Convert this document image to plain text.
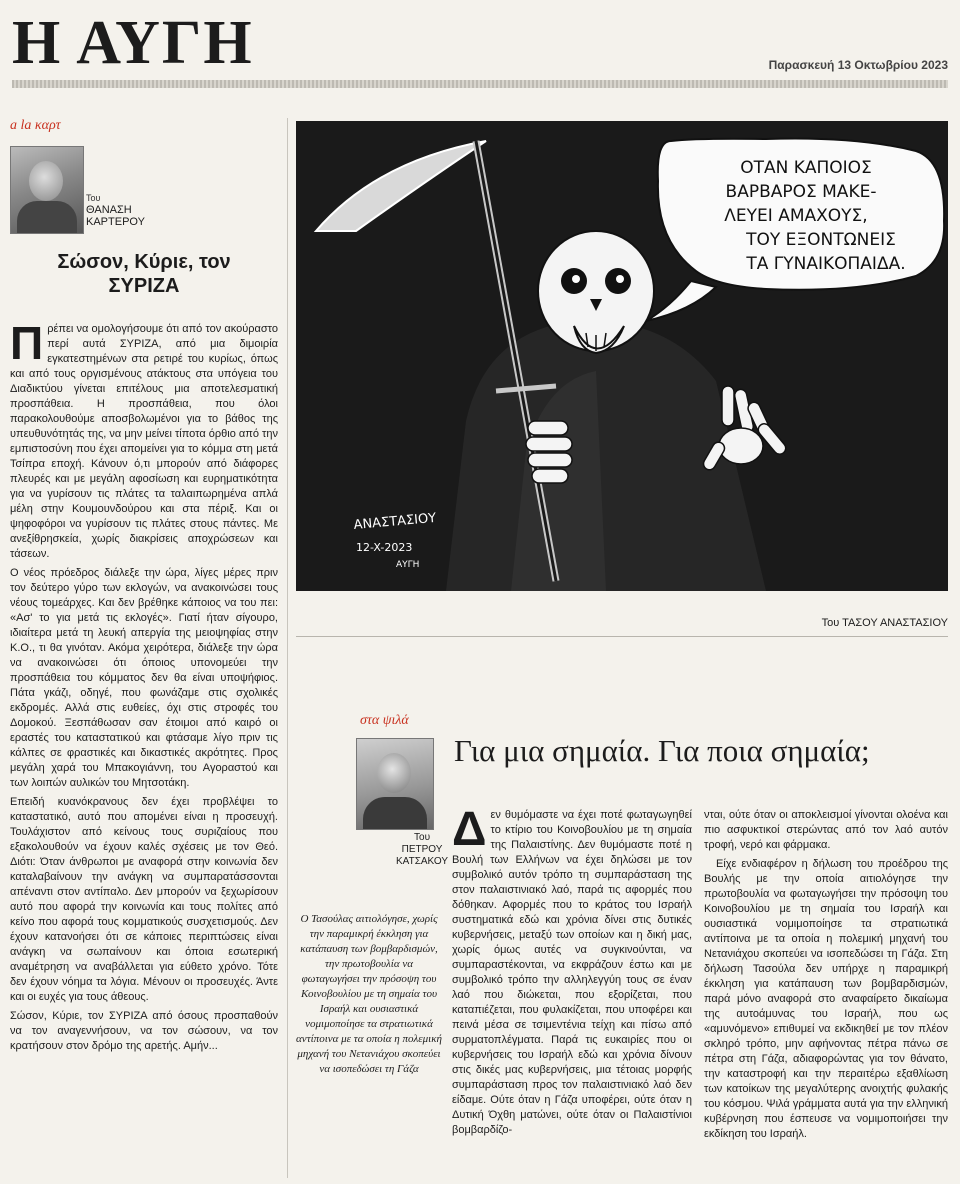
Η ΑΥΓΗ	Παρασκευή 13 Οκτωβρίου 2023
a la καρτ
Του
ΘΑΝΑΣΗ ΚΑΡΤΕΡΟΥ
Σώσον, Κύριε, τον ΣΥΡΙΖΑ

Πρέπει να ομολογήσουμε ότι από τον ακούραστο περί αυτά ΣΥΡΙΖΑ, από μια διμοιρία εγκατεστημένων στα ρετιρέ του κυρίως, όπως και από τους οργισμένους ατάκτους στα υπόγεια του Διαδικτύου γίνεται επιτέλους μια αποτελεσματική προσπάθεια. Η προσπάθεια, που όλοι παρακολουθούμε αποσβολωμένοι για το βάθος της υπευθυνότητάς της, να μην μείνει τίποτα όρθιο από την εμπιστοσύνη που έχει απομείνει για το κόμμα στη μετά Τσίπρα εποχή. Κάνουν ό,τι μπορούν από διάφορες πλευρές και με μεγάλη αφοσίωση και ευρηματικότητα για να γυρίσουν τις πλάτες τα ταλαιπωρημένα απλά μέλη στην Κουμουνδούρου και στα πέριξ. Και οι ψηφοφόροι να γυρίσουν τις πλάτες στους πάντες. Με ανεξίθρησκεία, χωρίς διακρίσεις αποχρώσεων και τάσεων.

Ο νέος πρόεδρος διάλεξε την ώρα, λίγες μέρες πριν τον δεύτερο γύρο των εκλογών, να ανακοινώσει τους νέους τομεάρχες. Και δεν βρέθηκε κάποιος να του πει: «Ασ' το για μετά τις εκλογές». Γιατί ήταν σίγουρο, ιδιαίτερα μετά τη λευκή απεργία της μειοψηφίας στην Κ.Ο., τι θα γινόταν. Ακόμα χειρότερα, διάλεξε την ώρα να ανακοινώσει ότι όποιος υπονομεύει την προσπάθεια του κόμματος δεν θα είναι υποψήφιος. Πάτα γκάζι, οδηγέ, που φωνάζαμε στις σχολικές εκδρομές. Αλλά στις ευθείες, όχι στις στροφές του Δομοκού. Ξεσπάθωσαν σαν έτοιμοι από καιρό οι εραστές του καταστατικού και φτάσαμε λίγο πριν τις κάλπες σε φραστικές και δικαστικές ακρότητες. Προς μεγάλη χαρά του Μπακογιάννη, του Αγοραστού και των λοιπών αυλικών του Μητσοτάκη.

Επειδή κυανόκρανους δεν έχει προβλέψει το καταστατικό, αυτό που απομένει είναι η προσευχή. Τουλάχιστον από κείνους τους συριζαίους που εξακολουθούν να έχουν καλές σχέσεις με τον Θεό. Διότι: Όταν άνθρωποι με αναφορά στην κοινωνία δεν καταλαβαίνουν την ανάγκη να συμπαρατάσσονται απέναντι στον αντίπαλο. Δεν μπορούν να ξεχωρίσουν αυτό που αφορά την κοινωνία και τους πολίτες από κείνο που αφορά τους κομματικούς συσχετισμούς. Δεν έχουν κατανοήσει ότι σε κάποιες περιπτώσεις είναι ανάγκη να σωπαίνουν και όποια εσωτερική αναμέτρηση να αναβάλλεται για εύθετο χρόνο. Τότε δεν έχουν νόημα τα λόγια. Μένουν οι προσευχές. Άντε και οι ευχές για τους άθεους.

Σώσον, Κύριε, τον ΣΥΡΙΖΑ από όσους προσπαθούν να τον αναγεννήσουν, να τον σώσουν, να τον κρατήσουν στον δρόμο της αρετής. Αμήν...

ΟΤΑΝ ΚΑΠΟΙΟΣ
ΒΑΡΒΑΡΟΣ ΜΑΚΕ-
ΛΕΥΕΙ ΑΜΑΧΟΥΣ,
ΤΟΥ ΕΞΟΝΤΩΝΕΙΣ
ΤΑ ΓΥΝΑΙΚΟΠΑΙΔΑ.
ΑΝΑΣΤΑΣΙΟΥ
12-X-2023
ΑΥΓΗ
Του ΤΑΣΟΥ ΑΝΑΣΤΑΣΙΟΥ
στα ψιλά
Για μια σημαία. Για ποια σημαία;
Του
ΠΕΤΡΟΥ
ΚΑΤΣΑΚΟΥ
Ο Τασούλας αιτιολόγησε, χωρίς την παραμικρή έκκληση για κατάπαυση των βομβαρδισμών, την πρωτοβουλία να φωταγωγήσει την πρόσοψη του Κοινοβουλίου με τη σημαία του Ισραήλ και ουσιαστικά νομιμοποίησε τα στρατιωτικά αντίποινα με τα οποία η πολεμική μηχανή του Νετανιάχου σκοπεύει να ισοπεδώσει τη Γάζα

Δεν θυμόμαστε να έχει ποτέ φωταγωγηθεί το κτίριο του Κοινοβουλίου με τη σημαία της Παλαιστίνης. Δεν θυμόμαστε ποτέ η Βουλή των Ελλήνων να έχει δηλώσει με τον συμβολικό αυτόν τρόπο τη συμπαράσταση της στον παλαιστινιακό λαό, παρά τις αφορμές που δόθηκαν. Αφορμές που το κράτος του Ισραήλ συστηματικά εδώ και χρόνια δίνει στις δυτικές κυβερνήσεις, μεταξύ των οποίων και η δική μας, χωρίς όμως αυτές να συγκινούνται, να συμπαραστέκονται, να εκφράζουν έστω και με συμβολικό τρόπο την αλληλεγγύη τους σε έναν λαό που διώκεται, που εξορίζεται, που καταπιέζεται, που φυλακίζεται, που υποφέρει και πεινά μέσα σε τσιμεντένια τείχη και πίσω από συρματοπλέγματα. Παρά τις ευκαιρίες που οι κυβερνήσεις του Ισραήλ εδώ και χρόνια δίνουν στις δικές μας κυβερνήσεις, μια τέτοιας μορφής συμπαράσταση προς τον παλαιστινιακό λαό δεν είδαμε. Ούτε όταν η Γάζα υποφέρει, ούτε όταν η Δυτική Όχθη ματώνει, ούτε όταν οι Παλαιστίνιοι βομβαρδίζο-

νται, ούτε όταν οι αποκλεισμοί γίνονται ολοένα και πιο ασφυκτικοί στερώντας από τον λαό αυτόν τροφή, νερό και φάρμακα.

Είχε ενδιαφέρον η δήλωση του προέδρου της Βουλής με την οποία αιτιολόγησε την πρωτοβουλία να φωταγωγήσει την πρόσοψη του Κοινοβουλίου με τη σημαία του Ισραήλ και ουσιαστικά νομιμοποίησε τα στρατιωτικά αντίποινα με τα οποία η πολεμική μηχανή του Νετανιάχου σκοπεύει να ισοπεδώσει τη Γάζα. Στη δήλωση Τασούλα δεν υπήρχε η παραμικρή έκκληση για κατάπαυση των βομβαρδισμών, παρά μόνο αναφορά στο αναφαίρετο δικαίωμα της αυτοάμυνας του Ισραήλ, που ως «αμυνόμενο» επιθυμεί να εκδικηθεί με τον πλέον σκληρό τρόπο, μην αφήνοντας πέτρα πάνω σε πέτρα στη Γάζα, αδιαφορώντας για τον θάνατο, την καταστροφή και την περαιτέρω εξαθλίωση των κατοίκων της μεγαλύτερης ανοιχτής φυλακής του κόσμου. Ψιλά γράμματα αυτά για την ελληνική κυβέρνηση που έσπευσε να νομιμοποιήσει την εκδίκηση του Ισραήλ.
